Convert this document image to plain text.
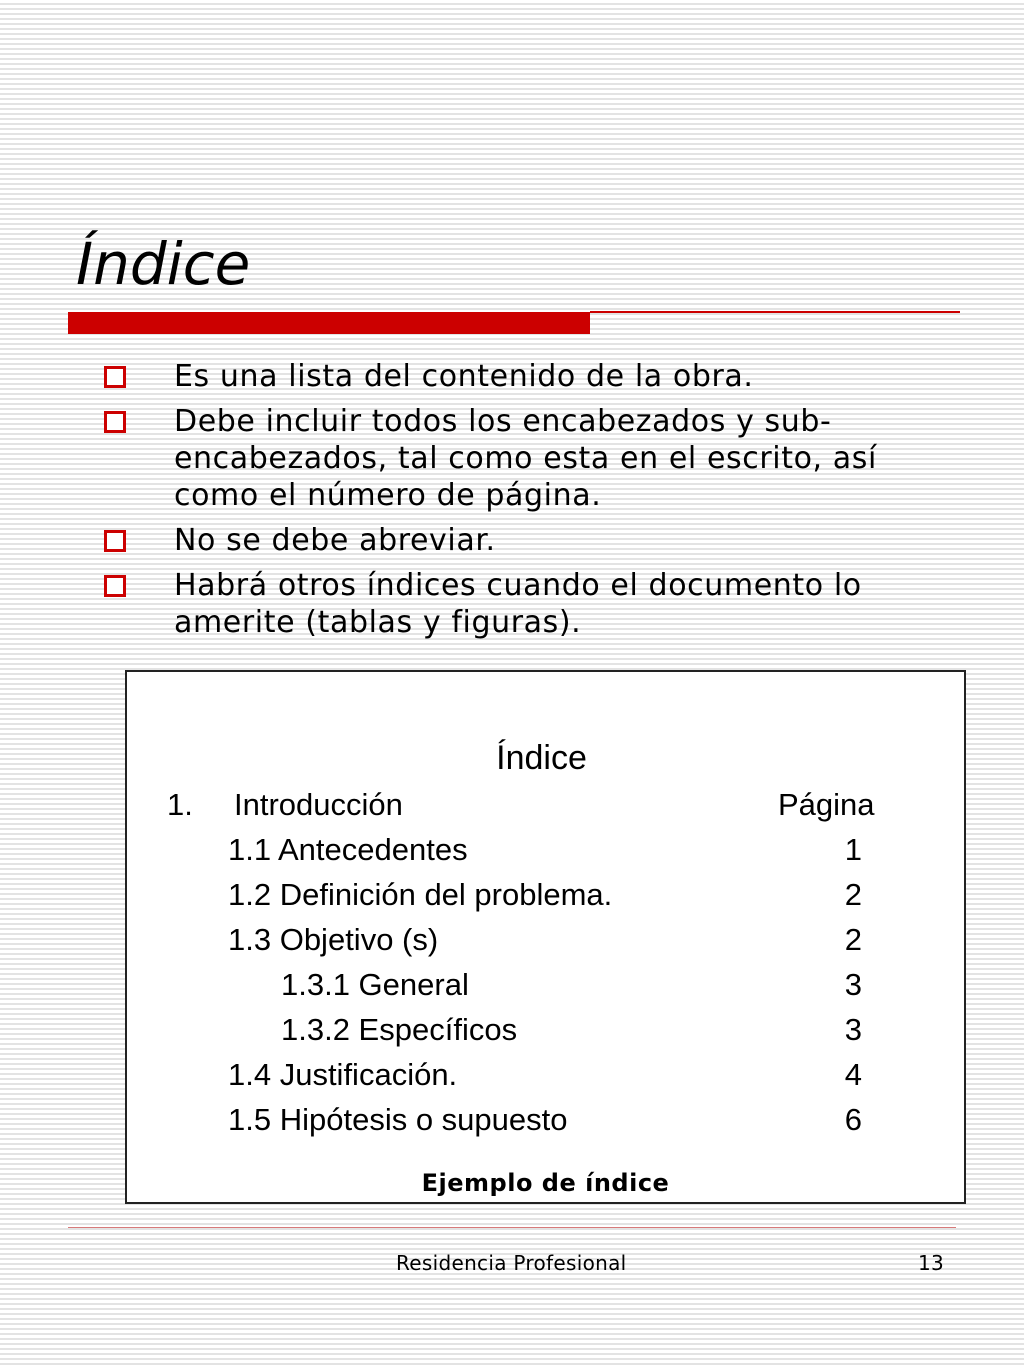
Índice
Es una lista del contenido de la obra.
Debe incluir todos los encabezados y sub-encabezados, tal como esta en el escrito, así como el número de página.
No se debe abreviar.
Habrá otros índices cuando el documento lo amerite (tablas y figuras).
Índice
1. Introducción	Página
1.1 Antecedentes	1
1.2 Definición del problema.	2
1.3 Objetivo (s)	2
1.3.1 General	3
1.3.2 Específicos	3
1.4 Justificación.	4
1.5 Hipótesis o supuesto	6
Ejemplo de índice
Residencia Profesional	13
